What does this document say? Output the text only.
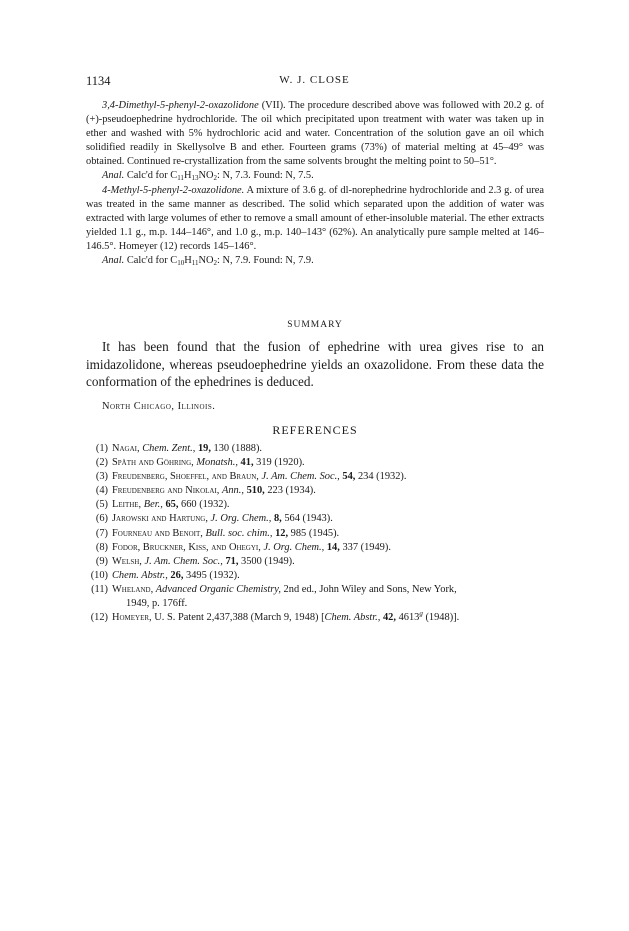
1134	W. J. CLOSE

3,4-Dimethyl-5-phenyl-2-oxazolidone (VII). The procedure described above was followed with 20.2 g. of (+)-pseudoephedrine hydrochloride. The oil which precipitated upon treatment with water was taken up in ether and washed with 5% hydrochloric acid and water. Concentration of the solution gave an oil which solidified readily in Skellysolve B and ether. Fourteen grams (73%) of material melting at 45–49° was obtained. Continued re-crystallization from the same solvents brought the melting point to 50–51°.

Anal. Calc'd for $C_{11}H_{13}NO_2$: N, 7.3. Found: N, 7.5.

4-Methyl-5-phenyl-2-oxazolidone. A mixture of 3.6 g. of dl-norephedrine hydrochloride and 2.3 g. of urea was treated in the same manner as described. The solid which separated upon the addition of water was extracted with large volumes of ether to remove a small amount of ether-insoluble material. The ether extracts yielded 1.1 g., m.p. 144–146°, and 1.0 g., m.p. 140–143° (62%). An analytically pure sample melted at 146–146.5°. Homeyer (12) records 145–146°.

Anal. Calc'd for $C_{10}H_{11}NO_2$: N, 7.9. Found: N, 7.9.

SUMMARY
It has been found that the fusion of ephedrine with urea gives rise to an imidazolidone, whereas pseudoephedrine yields an oxazolidone. From these data the conformation of the ephedrines is deduced.
North Chicago, Illinois.
REFERENCES
(1) Nagai, Chem. Zent., 19, 130 (1888).
(2) Späth and Göhring, Monatsh., 41, 319 (1920).
(3) Freudenberg, Shoeffel, and Braun, J. Am. Chem. Soc., 54, 234 (1932).
(4) Freudenberg and Nikolai, Ann., 510, 223 (1934).
(5) Leithe, Ber., 65, 660 (1932).
(6) Jarowski and Hartung, J. Org. Chem., 8, 564 (1943).
(7) Fourneau and Benoit, Bull. soc. chim., 12, 985 (1945).
(8) Fodor, Bruckner, Kiss, and Ohegyi, J. Org. Chem., 14, 337 (1949).
(9) Welsh, J. Am. Chem. Soc., 71, 3500 (1949).
(10) Chem. Abstr., 26, 3495 (1932).
(11) Wheland, Advanced Organic Chemistry, 2nd ed., John Wiley and Sons, New York,
1949, p. 176ff.
(12) Homeyer, U. S. Patent 2,437,388 (March 9, 1948) [Chem. Abstr., 42, 4613$^g$ (1948)].
